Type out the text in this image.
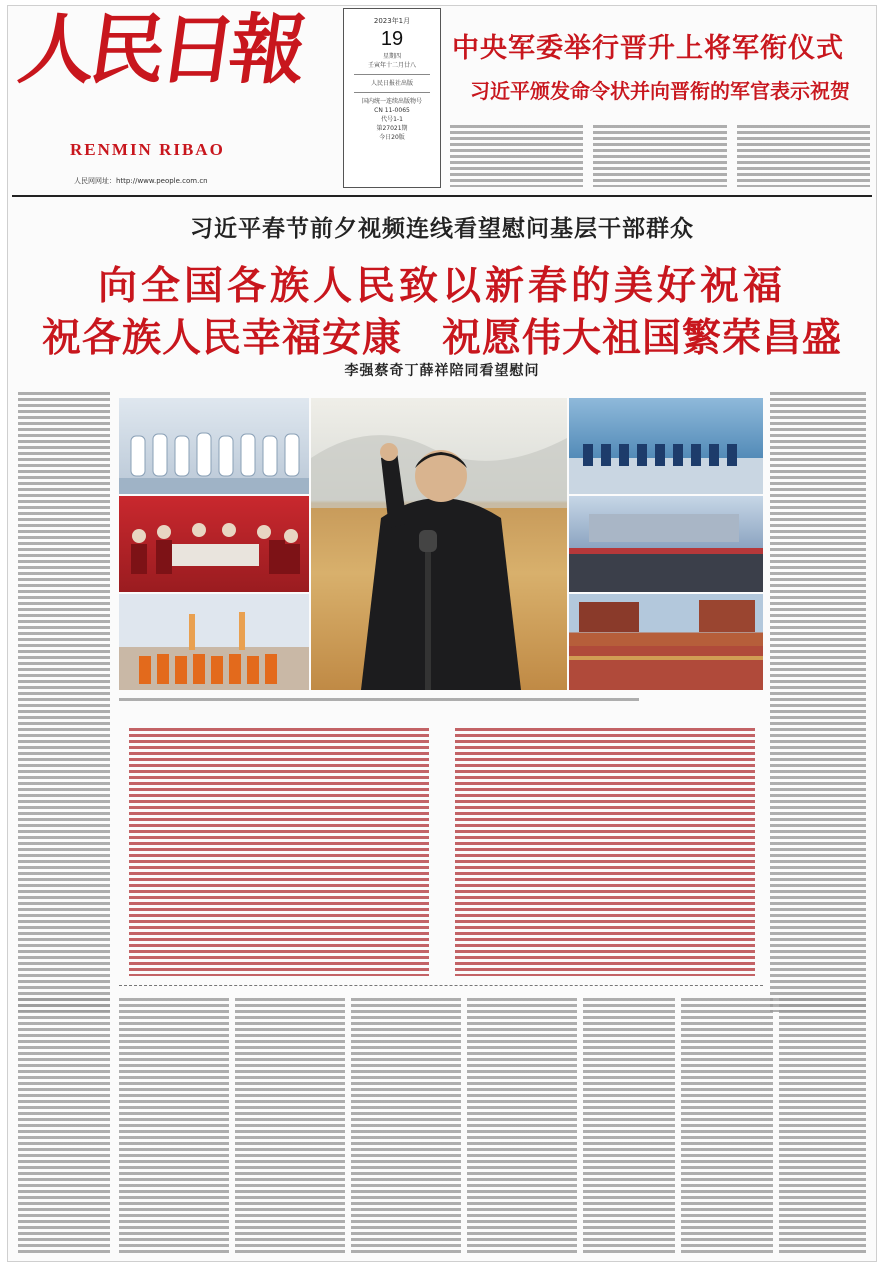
人民日報
RENMIN RIBAO
人民网网址：http://www.people.com.cn
2023年1月
19
星期四
壬寅年十二月廿八
人民日报社出版
国内统一连续出版物号
CN 11-0065
代号1-1
第27021期
今日20版
中央军委举行晋升上将军衔仪式
习近平颁发命令状并向晋衔的军官表示祝贺
习近平春节前夕视频连线看望慰问基层干部群众
向全国各族人民致以新春的美好祝福
祝各族人民幸福安康　祝愿伟大祖国繁荣昌盛
李强蔡奇丁薛祥陪同看望慰问
